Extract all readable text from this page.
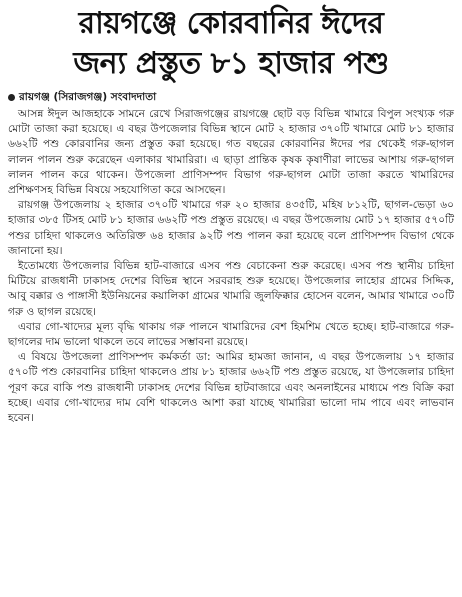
রায়গঞ্জে কোরবানির ঈদের
জন্য প্রস্তুত ৮১ হাজার পশু
রায়গঞ্জ (সিরাজগঞ্জ) সংবাদদাতা

আসন্ন ঈদুল আজহাকে সামনে রেখে সিরাজগঞ্জের রায়গঞ্জে ছোট বড় বিভিন্ন খামারে বিপুল সংখ্যক গরু মোটা তাজা করা হয়েছে। এ বছর উপজেলার বিভিন্ন স্থানে মোট ২ হাজার ৩৭০টি খামারে মোট ৮১ হাজার ৬৬২টি পশু কোরবানির জন্য প্রস্তুত করা হয়েছে। গত বছরের কোরবানির ঈদের পর থেকেই গরু-ছাগল লালন পালন শুরু করেছেন এলাকার খামারিরা। এ ছাড়া প্রান্তিক কৃষক কৃষাণীরা লাভের আশায় গরু-ছাগল লালন পালন করে থাকেন। উপজেলা প্রাণিসম্পদ বিভাগ গরু-ছাগল মোটা তাজা করতে খামারিদের প্রশিক্ষণসহ বিভিন্ন বিষয়ে সহযোগিতা করে আসছেন।

রায়গঞ্জ উপজেলায় ২ হাজার ৩৭০টি খামারে গরু ২০ হাজার ৪৩৫টি, মহিষ ৮১২টি, ছাগল-ভেড়া ৬০ হাজার ৩৮৫ টিসহ মোট ৮১ হাজার ৬৬২টি পশু প্রস্তুত রয়েছে। এ বছর উপজেলায় মোট ১৭ হাজার ৫৭০টি পশুর চাহিদা থাকলেও অতিরিক্ত ৬৪ হাজার ৯২টি পশু পালন করা হয়েছে বলে প্রাণিসম্পদ বিভাগ থেকে জানানো হয়।

ইতোমধ্যে উপজেলার বিভিন্ন হাট-বাজারে এসব পশু বেচাকেনা শুরু করেছে। এসব পশু স্থানীয় চাহিদা মিটিয়ে রাজধানী ঢাকাসহ দেশের বিভিন্ন স্থানে সরবরাহ শুরু হয়েছে। উপজেলার লাহোর গ্রামের সিদ্দিক, আবু বক্কার ও পাঙ্গাসী ইউনিয়নের কয়ালিকা গ্রামের খামারি জুলফিক্কার হোসেন বলেন, আমার খামারে ৩০টি গরু ও ছাগল রয়েছে।

এবার গো-খাদ্যের মূল্য বৃদ্ধি থাকায় গরু পালনে খামারিদের বেশ হিমশিম খেতে হচ্ছে। হাট-বাজারে গরু-ছাগলের দাম ভালো থাকলে তবে লাভের সম্ভাবনা রয়েছে।

এ বিষয়ে উপজেলা প্রাণিসম্পদ কর্মকর্তা ডা: আমির হামজা জানান, এ বছর উপজেলায় ১৭ হাজার ৫৭০টি পশু কোরবানির চাহিদা থাকলেও প্রায় ৮১ হাজার ৬৬২টি পশু প্রস্তুত রয়েছে, যা উপজেলার চাহিদা পূরণ করে বাকি পশু রাজধানী ঢাকাসহ দেশের বিভিন্ন হাটবাজারে এবং অনলাইনের মাধ্যমে পশু বিক্রি করা হচ্ছে। এবার গো-খাদ্যের দাম বেশি থাকলেও আশা করা যাচ্ছে খামারিরা ভালো দাম পাবে এবং লাভবান হবেন।
